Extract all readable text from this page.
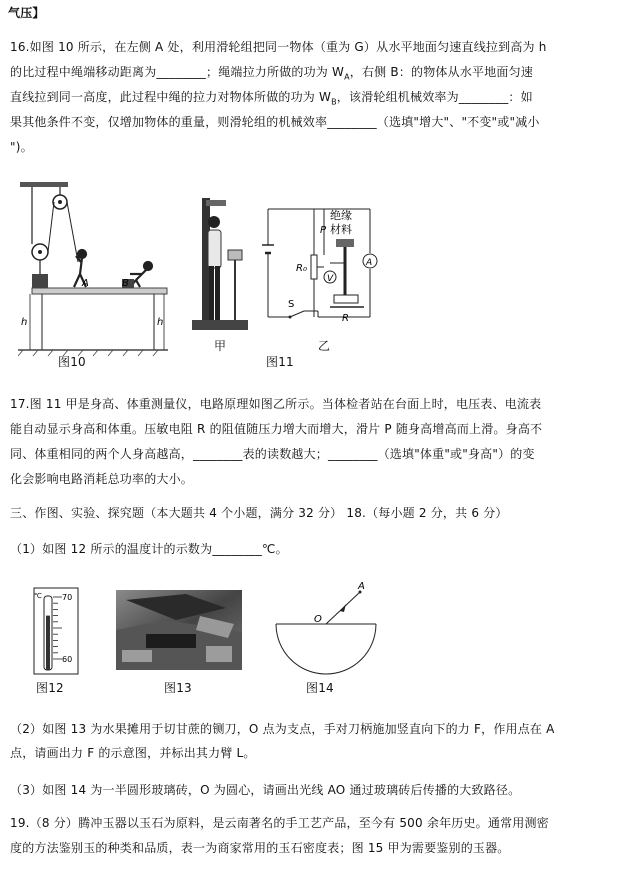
气压】
16.如图 10 所示，在左侧 A 处，利用滑轮组把同一物体（重为 G）从水平地面匀速直线拉到高为 h
的比过程中绳端移动距离为________；绳端拉力所做的功为 $W_A$，右侧 B：的物体从水平地面匀速
直线拉到同一高度，此过程中绳的拉力对物体所做的功为 $W_B$，该滑轮组机械效率为________：如
果其他条件不变，仅增加物体的重量，则滑轮组的机械效率________（选填"增大"、"不变"或"减小
")。
A	B
h	h
图10
甲
V
A
绝缘
P 材料
R₀
S
R
图11
乙
17.图 11 甲是身高、体重测量仪，电路原理如图乙所示。当体检者站在台面上时，电压表、电流表
能自动显示身高和体重。压敏电阻 R 的阻值随压力增大而增大，滑片 P 随身高增高而上滑。身高不
同、体重相同的两个人身高越高，________表的读数越大；________（选填"体重"或"身高"）的变
化会影响电路消耗总功率的大小。
三、作图、实验、探究题（本大题共 4 个小题，满分 32 分） 18.（每小题 2 分，共 6 分）
（1）如图 12 所示的温度计的示数为________℃。
℃	70
60
图12	图13
O
A
图14
（2）如图 13 为水果摊用于切甘蔗的铡刀，O 点为支点，手对刀柄施加竖直向下的力 F，作用点在 A
点，请画出力 F 的示意图，并标出其力臂 L。
（3）如图 14 为一半圆形玻璃砖，O 为圆心，请画出光线 AO 通过玻璃砖后传播的大致路径。
19.（8 分）腾冲玉器以玉石为原料，是云南著名的手工艺产品，至今有 500 余年历史。通常用测密
度的方法鉴别玉的种类和品质，表一为商家常用的玉石密度表；图 15 甲为需要鉴别的玉器。
